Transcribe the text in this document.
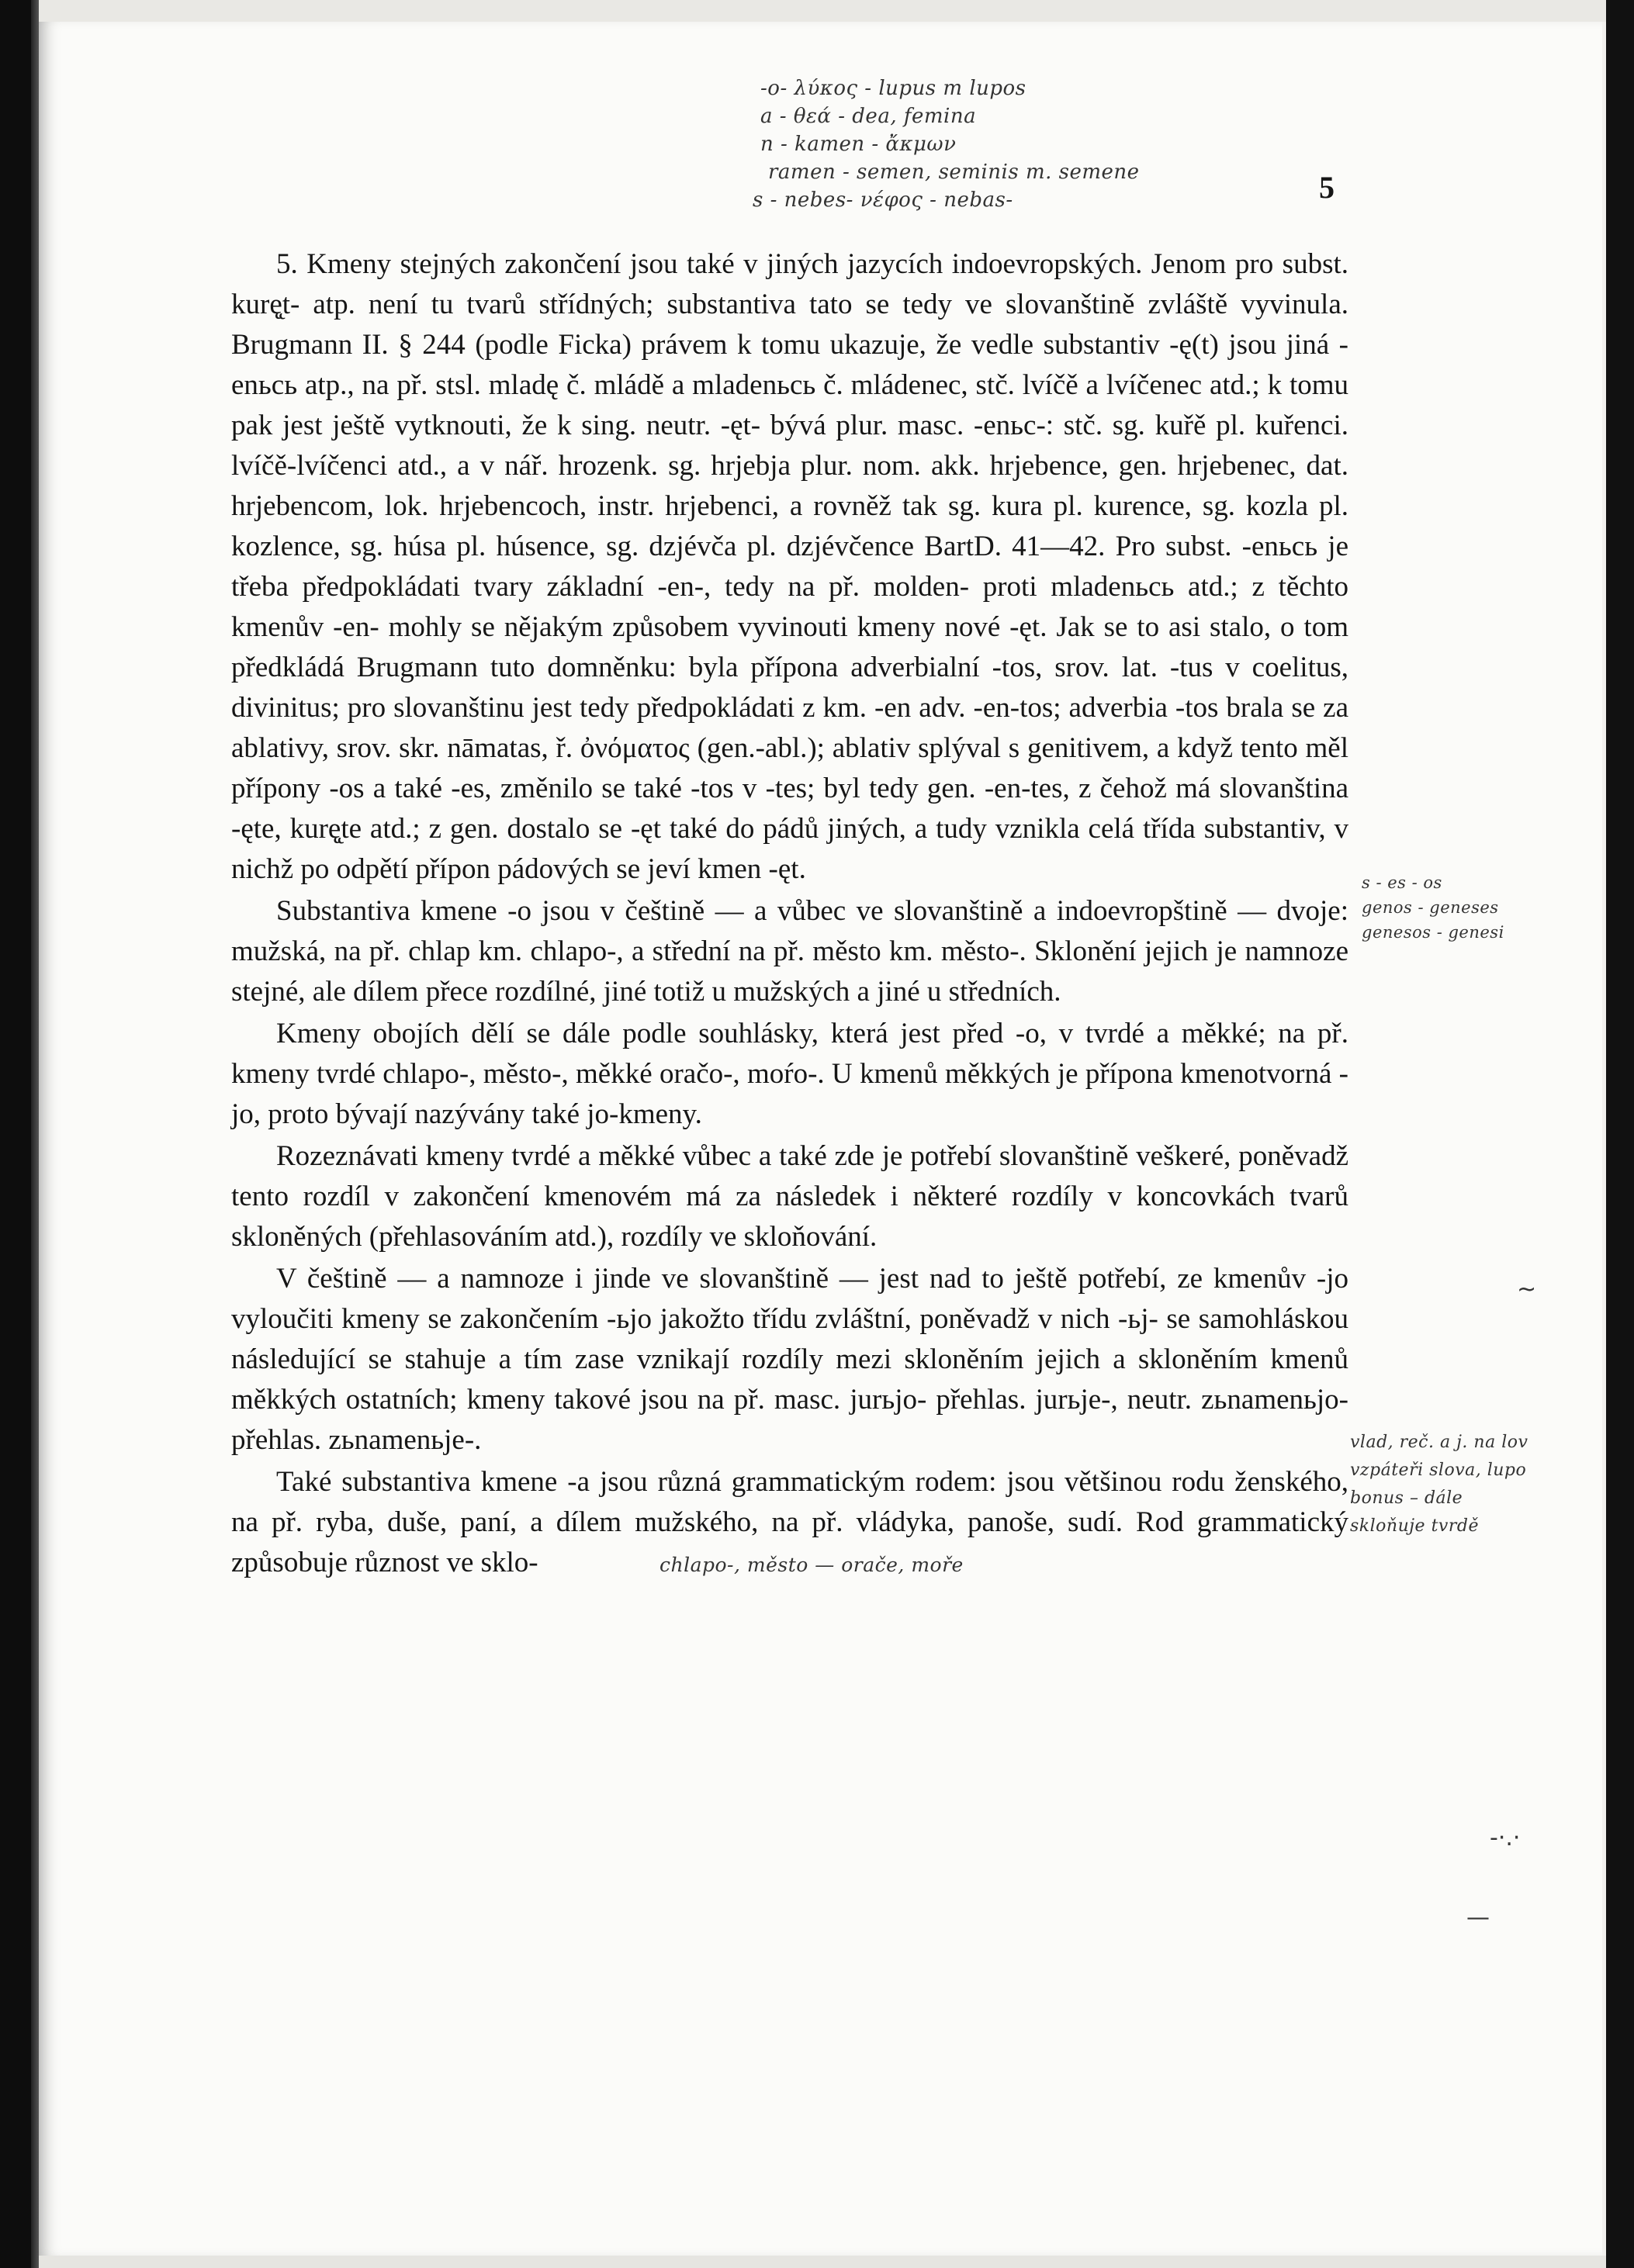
-o- λύκος - lupus m lupos
a - θεά - dea, femina
n - kamen - ἄκμων
ramen - semen, seminis m. semene
s - nebes- νέφος - nebas-	5

5. Kmeny stejných zakončení jsou také v jiných jazycích indoevropských. Jenom pro subst. kurę̨t- atp. není tu tvarů střídných; substantiva tato se tedy ve slovanštině zvláště vyvinula. Brugmann II. § 244 (podle Ficka) právem k tomu ukazuje, že vedle substantiv -ę(t) jsou jiná -enьcь atp., na př. stsl. mladę č. mládě a mladenьcь č. mládenec, stč. lvíčě a lvíčenec atd.; k tomu pak jest ještě vytknouti, že k sing. neutr. -ęt- bývá plur. masc. -enьc-: stč. sg. kuřě pl. kuřenci. lvíčě-lvíčenci atd., a v nář. hrozenk. sg. hrjebja plur. nom. akk. hrjebence, gen. hrjebenec, dat. hrjebencom, lok. hrjebencoch, instr. hrjebenci, a rovněž tak sg. kura pl. kurence, sg. kozla pl. kozlence, sg. húsa pl. húsence, sg. dzjévča pl. dzjévčence BartD. 41—42. Pro subst. -enьcь je třeba předpokládati tvary základní -en-, tedy na př. molden- proti mladenьcь atd.; z těchto kmenův -en- mohly se nějakým způsobem vyvinouti kmeny nové -ęt. Jak se to asi stalo, o tom předkládá Brugmann tuto domněnku: byla přípona adverbialní -tos, srov. lat. -tus v coelitus, divinitus; pro slovanštinu jest tedy předpokládati z km. -en adv. -en-tos; adverbia -tos brala se za ablativy, srov. skr. nāmatas, ř. ὀνόματος (gen.-abl.); ablativ splýval s genitivem, a když tento měl přípony -os a také -es, změnilo se také -tos v -tes; byl tedy gen. -en-tes, z čehož má slovanština -ęte, kurę̨te atd.; z gen. dostalo se -ęt také do pádů jiných, a tudy vznikla celá třída substantiv, v nichž po odpětí přípon pádových se jeví kmen -ęt.

Substantiva kmene -o jsou v češtině — a vůbec ve slovanštině a indoevropštině — dvoje: mužská, na př. chlap km. chlapo-, a střední na př. město km. město-. Sklonění jejich je namnoze stejné, ale dílem přece rozdílné, jiné totiž u mužských a jiné u středních.

Kmeny obojích dělí se dále podle souhlásky, která jest před -o, v tvrdé a měkké; na př. kmeny tvrdé chlapo-, město-, měkké oračo-, moŕo-. U kmenů měkkých je přípona kmenotvorná -jo, proto bývají nazývány také jo-kmeny.

Rozeznávati kmeny tvrdé a měkké vůbec a také zde je potřebí slovanštině veškeré, poněvadž tento rozdíl v zakončení kmenovém má za následek i některé rozdíly v koncovkách tvarů skloněných (přehlasováním atd.), rozdíly ve skloňování.

V češtině — a namnoze i jinde ve slovanštině — jest nad to ještě potřebí, ze kmenův -jo vyloučiti kmeny se zakončením -ьjo jakožto třídu zvláštní, poněvadž v nich -ьj- se samohláskou následující se stahuje a tím zase vznikají rozdíly mezi skloněním jejich a skloněním kmenů měkkých ostatních; kmeny takové jsou na př. masc. jurьjo- přehlas. jurьje-, neutr. zьnamenьjo- přehlas. zьnamenьje-.

Také substantiva kmene -a jsou různá grammatickým rodem: jsou většinou rodu ženského, na př. ryba, duše, paní, a dílem mužského, na př. vládyka, panoše, sudí. Rod grammatický způsobuje různost ve sklo-

s - es - os
genos - geneses
genesos - genesi
vlad, reč. a j. na lov
vzpáteři slova, lupo
bonus – dále
skloňuje tvrdě
chlapo-, město — orače, moře
~
-·.·
—
